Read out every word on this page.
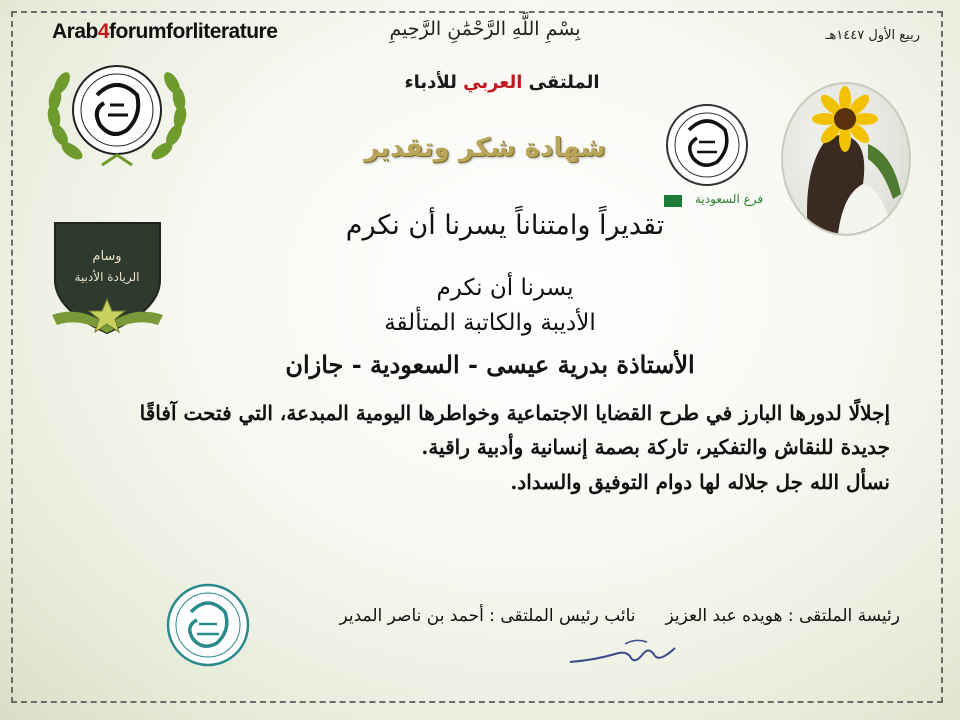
Arab4forumforliterature	بِسْمِ اللَّهِ الرَّحْمَٰنِ الرَّحِيمِ	ربيع الأول ١٤٤٧هـ
الملتقى العربي للأدباء
فرع السعودية
وسام
الريادة الأدبية
شهادة شكر وتقدير
تقديراً وامتناناً يسرنا أن نكرم
يسرنا أن نكرم
الأديبة والكاتبة المتألقة
الأستاذة بدرية عيسى - السعودية - جازان

إجلالًا لدورها البارز في طرح القضايا الاجتماعية وخواطرها اليومية المبدعة، التي فتحت آفاقًا

جديدة للنقاش والتفكير، تاركة بصمة إنسانية وأدبية راقية.

نسأل الله جل جلاله لها دوام التوفيق والسداد.

رئيسة الملتقى : هويده عبد العزيزنائب رئيس الملتقى : أحمد بن ناصر المدير
